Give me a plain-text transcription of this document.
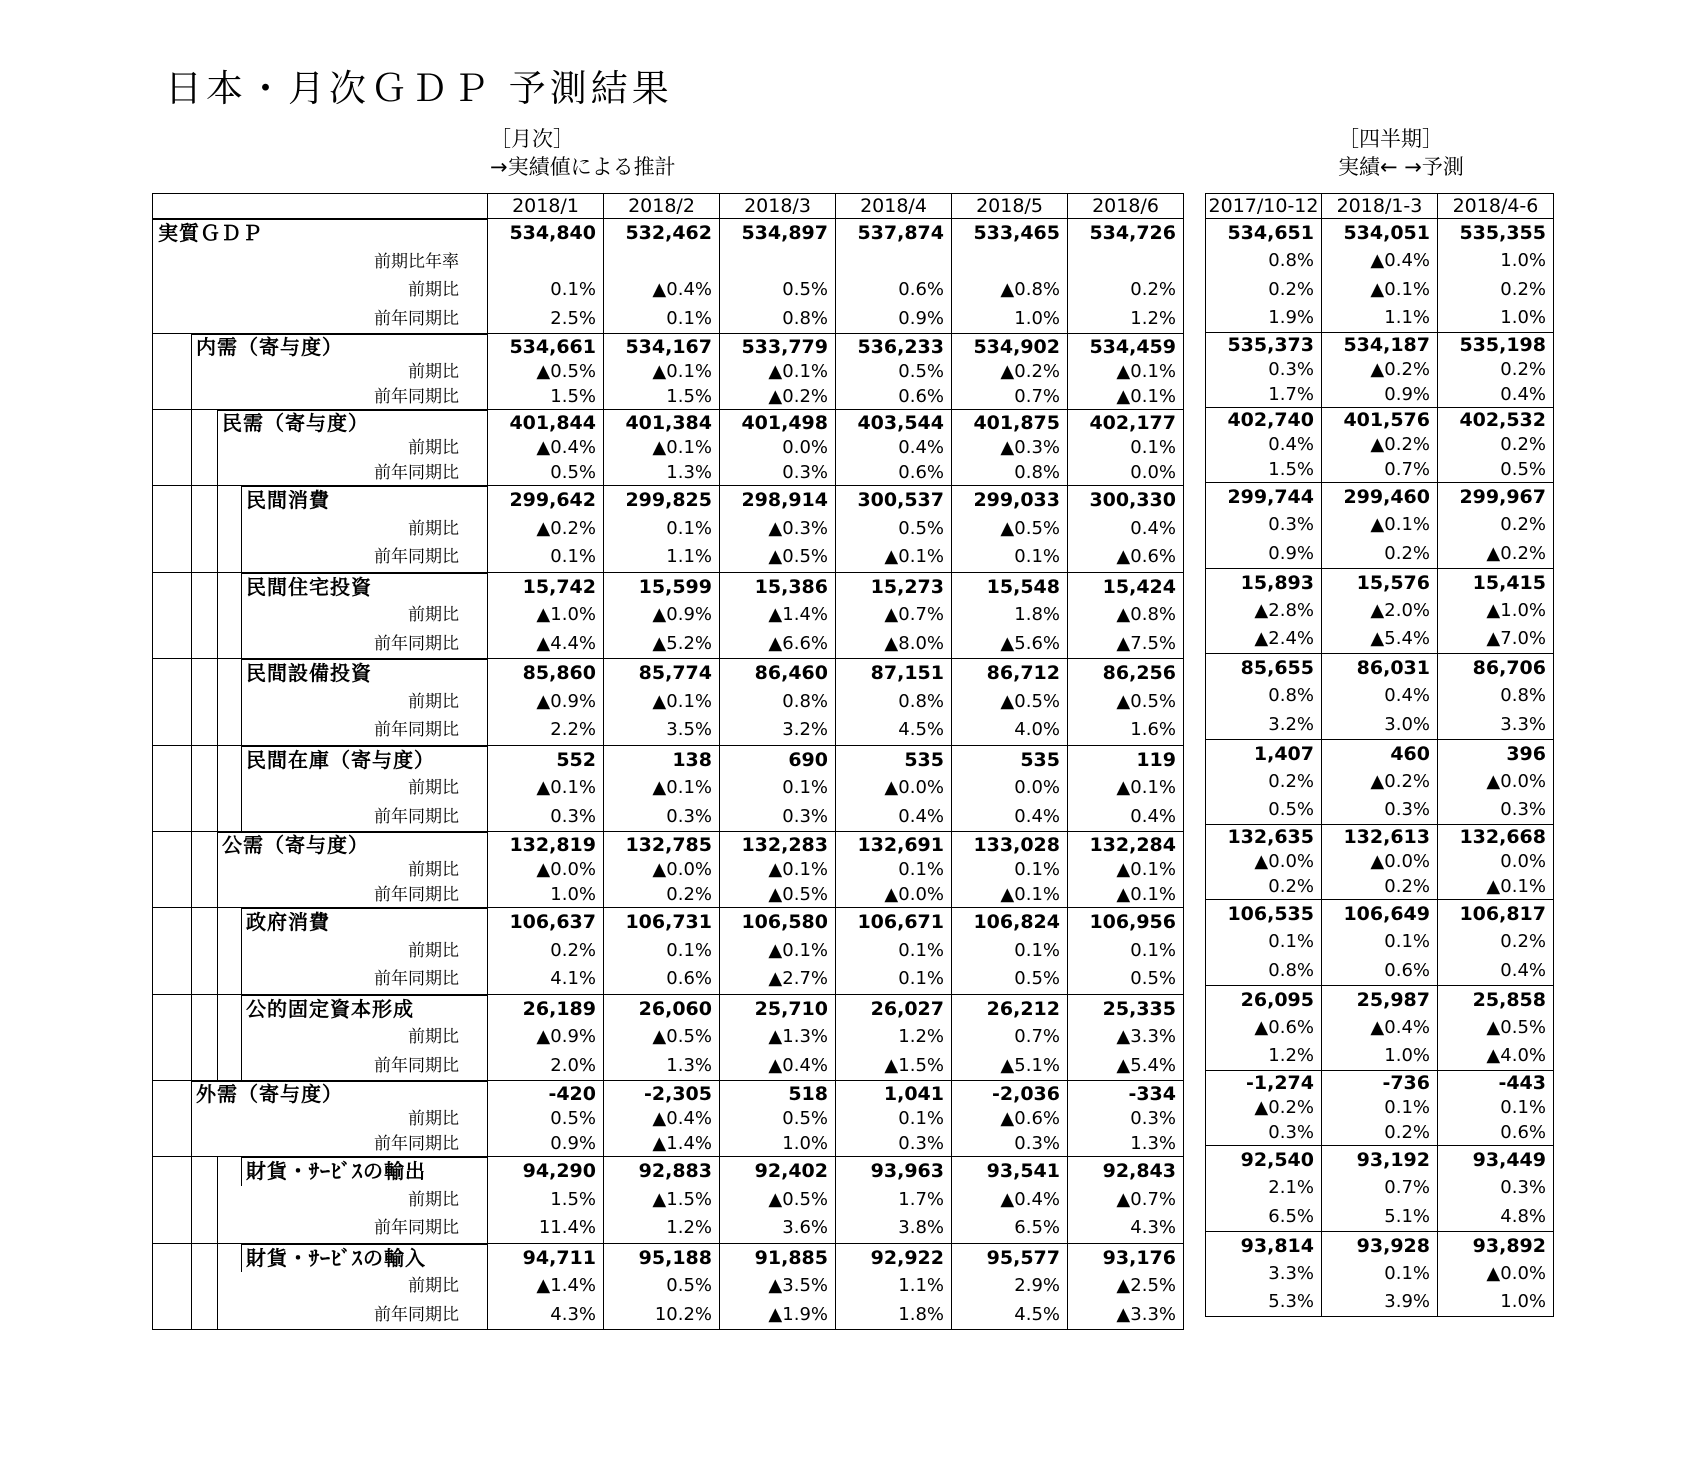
日本・月次ＧＤＰ 予測結果
［月次］
→実績値による推計
［四半期］
実績← →予測
	2018/1	2018/2	2018/3	2018/4	2018/5	2018/6

実質ＧＤＰ	534,840	532,462	534,897	537,874	533,465	534,726

前期比年率						

前期比	0.1%	▲0.4%	0.5%	0.6%	▲0.8%	0.2%

前年同期比	2.5%	0.1%	0.8%	0.9%	1.0%	1.2%

内需（寄与度）	534,661	534,167	533,779	536,233	534,902	534,459

前期比	▲0.5%	▲0.1%	▲0.1%	0.5%	▲0.2%	▲0.1%

前年同期比	1.5%	1.5%	▲0.2%	0.6%	0.7%	▲0.1%

民需（寄与度）	401,844	401,384	401,498	403,544	401,875	402,177

前期比	▲0.4%	▲0.1%	0.0%	0.4%	▲0.3%	0.1%

前年同期比	0.5%	1.3%	0.3%	0.6%	0.8%	0.0%

民間消費	299,642	299,825	298,914	300,537	299,033	300,330

前期比	▲0.2%	0.1%	▲0.3%	0.5%	▲0.5%	0.4%

前年同期比	0.1%	1.1%	▲0.5%	▲0.1%	0.1%	▲0.6%

民間住宅投資	15,742	15,599	15,386	15,273	15,548	15,424

前期比	▲1.0%	▲0.9%	▲1.4%	▲0.7%	1.8%	▲0.8%

前年同期比	▲4.4%	▲5.2%	▲6.6%	▲8.0%	▲5.6%	▲7.5%

民間設備投資	85,860	85,774	86,460	87,151	86,712	86,256

前期比	▲0.9%	▲0.1%	0.8%	0.8%	▲0.5%	▲0.5%

前年同期比	2.2%	3.5%	3.2%	4.5%	4.0%	1.6%

民間在庫（寄与度）	552	138	690	535	535	119

前期比	▲0.1%	▲0.1%	0.1%	▲0.0%	0.0%	▲0.1%

前年同期比	0.3%	0.3%	0.3%	0.4%	0.4%	0.4%

公需（寄与度）	132,819	132,785	132,283	132,691	133,028	132,284

前期比	▲0.0%	▲0.0%	▲0.1%	0.1%	0.1%	▲0.1%

前年同期比	1.0%	0.2%	▲0.5%	▲0.0%	▲0.1%	▲0.1%

政府消費	106,637	106,731	106,580	106,671	106,824	106,956

前期比	0.2%	0.1%	▲0.1%	0.1%	0.1%	0.1%

前年同期比	4.1%	0.6%	▲2.7%	0.1%	0.5%	0.5%

公的固定資本形成	26,189	26,060	25,710	26,027	26,212	25,335

前期比	▲0.9%	▲0.5%	▲1.3%	1.2%	0.7%	▲3.3%

前年同期比	2.0%	1.3%	▲0.4%	▲1.5%	▲5.1%	▲5.4%

外需（寄与度）	-420	-2,305	518	1,041	-2,036	-334

前期比	0.5%	▲0.4%	0.5%	0.1%	▲0.6%	0.3%

前年同期比	0.9%	▲1.4%	1.0%	0.3%	0.3%	1.3%

財貨・ｻｰﾋﾞｽの輸出	94,290	92,883	92,402	93,963	93,541	92,843

前期比	1.5%	▲1.5%	▲0.5%	1.7%	▲0.4%	▲0.7%

前年同期比	11.4%	1.2%	3.6%	3.8%	6.5%	4.3%

財貨・ｻｰﾋﾞｽの輸入	94,711	95,188	91,885	92,922	95,577	93,176

前期比	▲1.4%	0.5%	▲3.5%	1.1%	2.9%	▲2.5%

前年同期比	4.3%	10.2%	▲1.9%	1.8%	4.5%	▲3.3%
2017/10-12	2018/1-3	2018/4-6
534,651	534,051	535,355
0.8%	▲0.4%	1.0%
0.2%	▲0.1%	0.2%
1.9%	1.1%	1.0%
535,373	534,187	535,198
0.3%	▲0.2%	0.2%
1.7%	0.9%	0.4%
402,740	401,576	402,532
0.4%	▲0.2%	0.2%
1.5%	0.7%	0.5%
299,744	299,460	299,967
0.3%	▲0.1%	0.2%
0.9%	0.2%	▲0.2%
15,893	15,576	15,415
▲2.8%	▲2.0%	▲1.0%
▲2.4%	▲5.4%	▲7.0%
85,655	86,031	86,706
0.8%	0.4%	0.8%
3.2%	3.0%	3.3%
1,407	460	396
0.2%	▲0.2%	▲0.0%
0.5%	0.3%	0.3%
132,635	132,613	132,668
▲0.0%	▲0.0%	0.0%
0.2%	0.2%	▲0.1%
106,535	106,649	106,817
0.1%	0.1%	0.2%
0.8%	0.6%	0.4%
26,095	25,987	25,858
▲0.6%	▲0.4%	▲0.5%
1.2%	1.0%	▲4.0%
-1,274	-736	-443
▲0.2%	0.1%	0.1%
0.3%	0.2%	0.6%
92,540	93,192	93,449
2.1%	0.7%	0.3%
6.5%	5.1%	4.8%
93,814	93,928	93,892
3.3%	0.1%	▲0.0%
5.3%	3.9%	1.0%
